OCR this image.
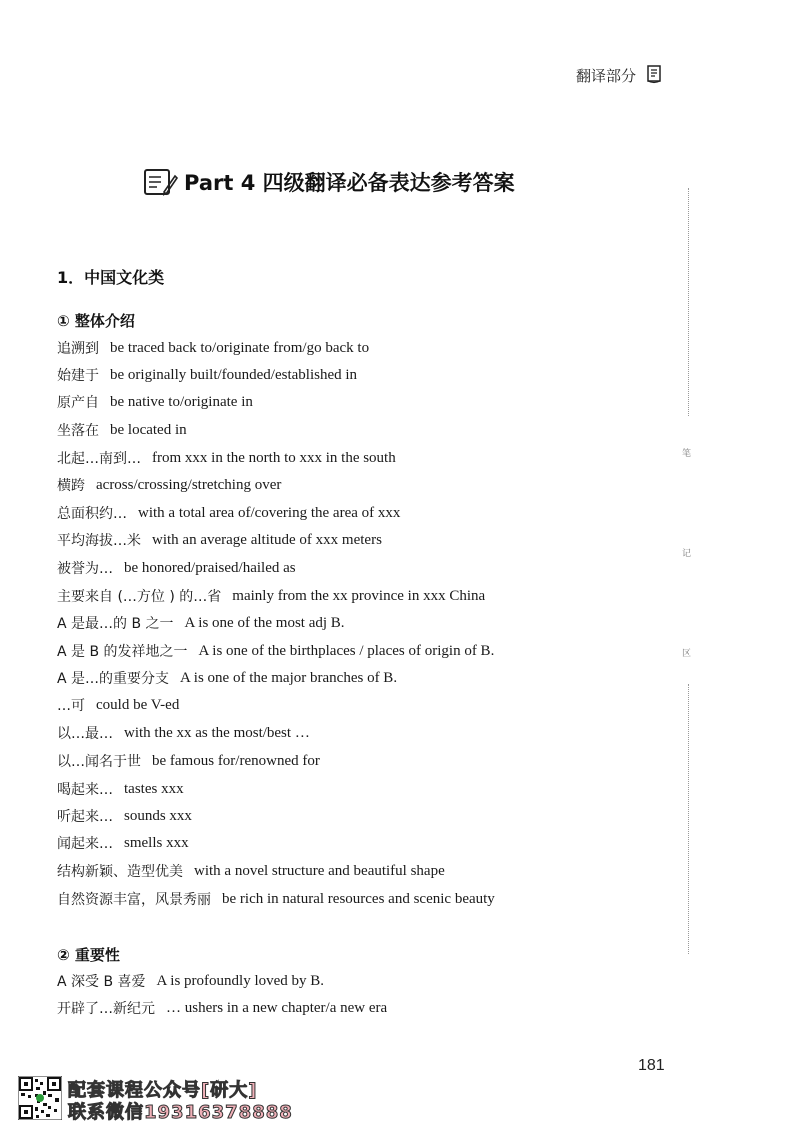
翻译部分
Part 4 四级翻译必备表达参考答案
1．中国文化类
① 整体介绍
追溯到 be traced back to/originate from/go back to
始建于 be originally built/founded/established in
原产自 be native to/originate in
坐落在 be located in
北起…南到… from xxx in the north to xxx in the south
横跨 across/crossing/stretching over
总面积约… with a total area of/covering the area of xxx
平均海拔…米 with an average altitude of xxx meters
被誉为… be honored/praised/hailed as
主要来自 (…方位 ) 的…省 mainly from the xx province in xxx China
A 是最…的 B 之一 A is one of the most adj B.
A 是 B 的发祥地之一 A is one of the birthplaces / places of origin of B.
A 是…的重要分支 A is one of the major branches of B.
…可 could be V-ed
以…最… with the xx as the most/best …
以…闻名于世 be famous for/renowned for
喝起来… tastes xxx
听起来… sounds xxx
闻起来… smells xxx
结构新颖、造型优美 with a novel structure and beautiful shape
自然资源丰富，风景秀丽 be rich in natural resources and scenic beauty
② 重要性
A 深受 B 喜爱 A is profoundly loved by B.
开辟了…新纪元 … ushers in a new chapter/a new era
笔
记
区
181
配套课程公众号[研大]
联系微信19316378888
